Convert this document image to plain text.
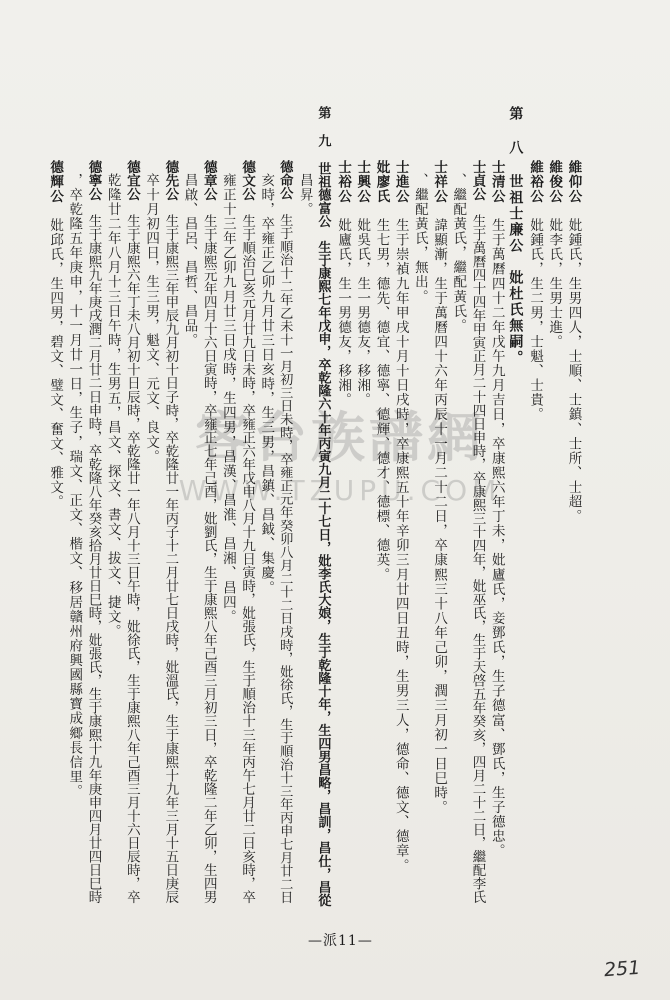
客台族譜網
WWW.TZUPU.COM
維仰公　妣鍾氏，生男四人，士順、士鎮、士所、士超。
維俊公　妣李氏，生男士進。
維裕公　妣鍾氏，生二男，士魁、士貴。
第 八 世祖士廉公　妣杜氏無嗣。
士清公　生于萬曆四十二年戊午九月吉日，卒康熙六年丁未，妣廬氏，妾鄧氏，生子德富、鄧氏，生子德忠。
士貞公　生于萬曆四十四年甲寅正月二十四日申時，卒康熙三十四年，妣巫氏，生于天啓五年癸亥，四月二十二日，繼配李氏
、繼配黃氏，繼配黃氏。
士祥公　諱顯漸，生于萬曆四十六年丙辰十一月二十二日，卒康熙三十八年己卯，潤三月初一日巳時。
、繼配黃氏，無出。
士進公　生于崇禎九年甲戌十月十日戌時，卒康熙五十年辛卯三月廿四日丑時，生男三人，德命、德文、德章。
妣廖氏　生七男，德先、德宜、德寧、德輝、德才、德標、德英。
士興公　妣吳氏，生一男德友，移湘。
士裕公　妣廬氏，生一男德友，移湘。
第 九 世祖德富公　生于康熙七年戊申，卒乾隆六十年丙寅九月二十七日，妣李氏大娘，生于乾隆十年，生四男昌略，昌訓，昌仕，昌從
昌昇。
德命公　生于順治十二年乙未十一月初三日未時，卒雍正元年癸卯八月二十二日戌時，妣徐氏，生于順治十三年丙申七月廿二日
亥時，卒雍正乙卯九月廿三日亥時，生三男，昌鎮、昌鉞、集慶。
德文公　生于順治巳亥元月廿九日未時，卒雍正六年戊申八月十九日寅時，妣張氏，生于順治十三年丙午七月廿二日亥時，卒
雍正十三年乙卯九月廿三日戌時，生四男，昌漢、昌淮、昌湘、昌四。
德章公　生于康熙元年四月十六日寅時，卒雍正七年己酉，妣劉氏，生于康熙八年己酉三月初三日，卒乾隆二年乙卯，生四男
昌啟、昌呂、昌哲、昌品。
德先公　生于康熙三年甲辰九月初十日子時，卒乾隆廿一年丙子十二月廿七日戌時，妣溫氏，生于康熙十九年三月十五日庚辰
卒十月初四日，生三男，魁文、元文、良文。
德宜公　生于康熙六年丁未八月初十日辰時，卒乾隆廿一年八月十三日午時，妣徐氏，生于康熙八年己酉三月十六日辰時，卒
乾隆廿二年八月十三日午時，生男五，昌文、探文、書文、拔文、捷文。
德寧公　生于康熙九年庚戌潤二月廿二日申時，卒乾隆八年癸亥拾月廿日巳時，妣張氏，生于康熙十九年庚申四月廿四日巳時
，卒乾隆五年庚申，十一月廿一日，生子，瑞文、正文、楷文、移居贛州府興國縣寶成鄉長信里。
德輝公　妣邱氏，生四男，碧文、璧文、奮文、雅文。
—派11—
251
